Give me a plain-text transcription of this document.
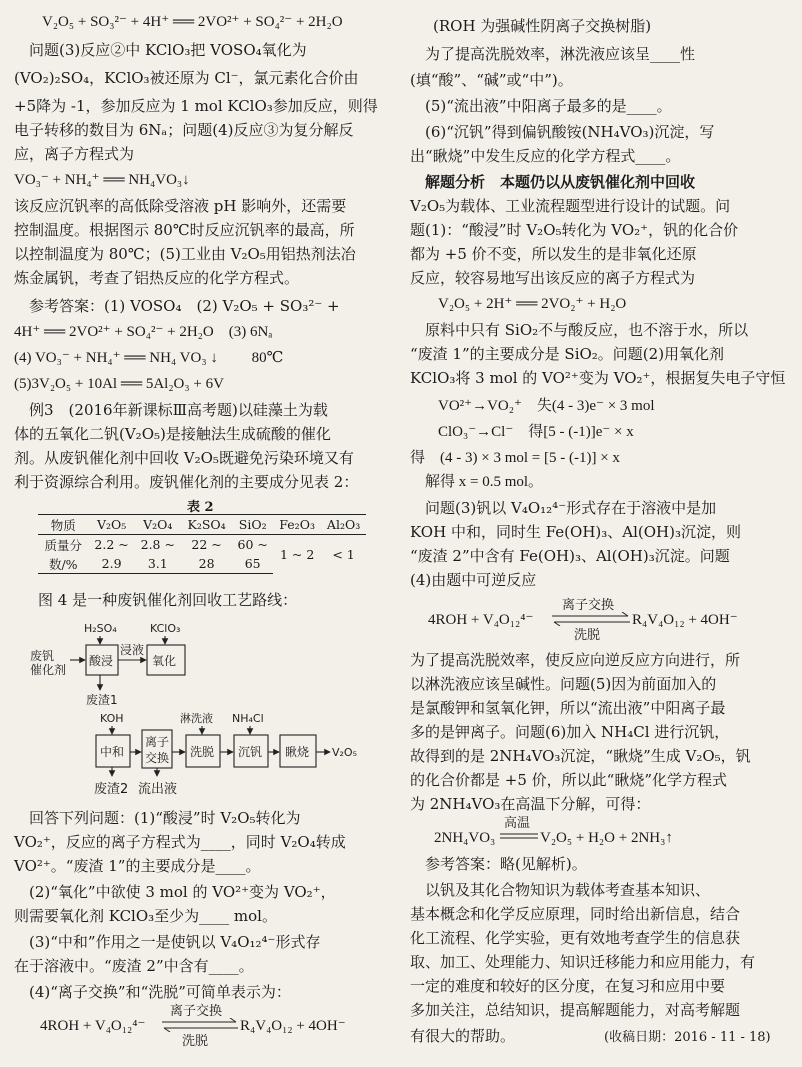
V₂O₅ + SO₃²⁻ + 4H⁺ ══ 2VO²⁺ + SO₄²⁻ + 2H₂O
　问题(3)反应②中 KClO₃把 VOSO₄氧化为
(VO₂)₂SO₄，KClO₃被还原为 Cl⁻，氯元素化合价由
+5降为 -1，参加反应为 1 mol KClO₃参加反应，则得
电子转移的数目为 6Nₐ；问题(4)反应③为复分解反
应，离子方程式为
VO₃⁻ + NH₄⁺ ══ NH₄VO₃↓
该反应沉钒率的高低除受溶液 pH 影响外，还需要
控制温度。根据图示 80℃时反应沉钒率的最高，所
以控制温度为 80℃；(5)工业由 V₂O₅用铝热剂法冶
炼金属钒，考查了铝热反应的化学方程式。
　参考答案：(1) VOSO₄　(2) V₂O₅ + SO₃²⁻ +
4H⁺ ══ 2VO²⁺ + SO₄²⁻ + 2H₂O　(3) 6Nₐ
(4) VO₃⁻ + NH₄⁺ ══ NH₄ VO₃ ↓　　 80℃
(5)3V₂O₅ + 10Al ══ 5Al₂O₃ + 6V
　例3　(2016年新课标Ⅲ高考题)以硅藻土为载
体的五氧化二钒(V₂O₅)是接触法生成硫酸的催化
剂。从废钒催化剂中回收 V₂O₅既避免污染环境又有
利于资源综合利用。废钒催化剂的主要成分见表 2：
表 2
物质	V₂O₅	V₂O₄	K₂SO₄	SiO₂	Fe₂O₃	Al₂O₃
质量分	2.2 ~	2.8 ~	22 ~	60 ~	1 ~ 2	< 1
数/%	2.9	3.1	28	65		
图 4 是一种废钒催化剂回收工艺路线：
废钒
催化剂
H₂SO₄
酸浸
浸液
KClO₃
氧化
废渣1
KOH
中和
离子
交换
淋洗液
洗脱
NH₄Cl
沉钒 瞅烧 V₂O₅
废渣2 流出液
　回答下列问题：(1)“酸浸”时 V₂O₅转化为
VO₂⁺，反应的离子方程式为____，同时 V₂O₄转成
VO²⁺。“废渣 1”的主要成分是____。
　(2)“氧化”中欲使 3 mol 的 VO²⁺变为 VO₂⁺，
则需要氧化剂 KClO₃至少为____ mol。
　(3)“中和”作用之一是使钒以 V₄O₁₂⁴⁻形式存
在于溶液中。“废渣 2”中含有____。
　(4)“离子交换”和“洗脱”可简单表示为：
4ROH + V₄O₁₂⁴⁻
离子交换
洗脱
R₄V₄O₁₂ + 4OH⁻
　(ROH 为强碱性阴离子交换树脂)
　为了提高洗脱效率，淋洗液应该呈____性
(填“酸”、“碱”或“中”)。
　(5)“流出液”中阳离子最多的是____。
　(6)“沉钒”得到偏钒酸铵(NH₄VO₃)沉淀，写
出“瞅烧”中发生反应的化学方程式____。
　解题分析　本题仍以从废钒催化剂中回收
V₂O₅为载体、工业流程题型进行设计的试题。问
题(1)：“酸浸”时 V₂O₅转化为 VO₂⁺，钒的化合价
都为 +5 价不变，所以发生的是非氧化还原
反应，较容易地写出该反应的离子方程式为
V₂O₅ + 2H⁺ ══ 2VO₂⁺ + H₂O
　原料中只有 SiO₂不与酸反应，也不溶于水，所以
“废渣 1”的主要成分是 SiO₂。问题(2)用氧化剂
KClO₃将 3 mol 的 VO²⁺变为 VO₂⁺，根据复失电子守恒
VO²⁺→VO₂⁺　失(4 - 3)e⁻ × 3 mol
ClO₃⁻→Cl⁻　得[5 - (-1)]e⁻ × x
得　(4 - 3) × 3 mol = [5 - (-1)] × x
　解得 x = 0.5 mol。
　问题(3)钒以 V₄O₁₂⁴⁻形式存在于溶液中是加
KOH 中和，同时生 Fe(OH)₃、Al(OH)₃沉淀，则
“废渣 2”中含有 Fe(OH)₃、Al(OH)₃沉淀。问题
(4)由题中可逆反应
4ROH + V₄O₁₂⁴⁻
离子交换
洗脱
R₄V₄O₁₂ + 4OH⁻
为了提高洗脱效率，使反应向逆反应方向进行，所
以淋洗液应该呈碱性。问题(5)因为前面加入的
是氯酸钾和氢氧化钾，所以“流出液”中阳离子最
多的是钾离子。问题(6)加入 NH₄Cl 进行沉钒，
故得到的是 2NH₄VO₃沉淀，“瞅烧”生成 V₂O₅，钒
的化合价都是 +5 价，所以此“瞅烧”化学方程式
为 2NH₄VO₃在高温下分解，可得：
2NH₄VO₃
高温
V₂O₅ + H₂O + 2NH₃↑
　参考答案：略(见解析)。
　以钒及其化合物知识为载体考查基本知识、
基本概念和化学反应原理，同时给出新信息，结合
化工流程、化学实验，更有效地考查学生的信息获
取、加工、处理能力、知识迁移能力和应用能力，有
一定的难度和较好的区分度，在复习和应用中要
多加关注，总结知识，提高解题能力，对高考解题
有很大的帮助。	(收稿日期：2016 - 11 - 18)
